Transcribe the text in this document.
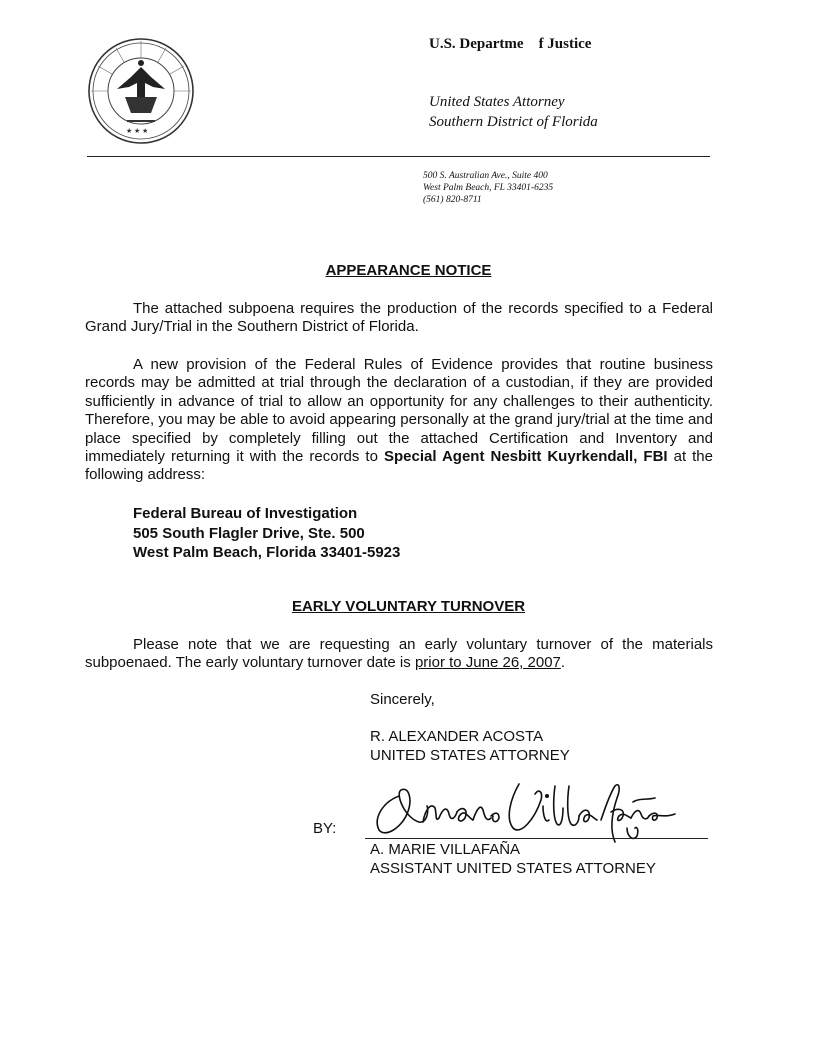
★ ★ ★
U.S. Departme    f Justice
United States Attorney
Southern District of Florida
500 S. Australian Ave., Suite 400
West Palm Beach, FL 33401-6235
(561) 820-8711
APPEARANCE NOTICE
The attached subpoena requires the production of the records specified to a Federal Grand Jury/Trial in the Southern District of Florida.
A new provision of the Federal Rules of Evidence provides that routine business records may be admitted at trial through the declaration of a custodian, if they are provided sufficiently in advance of trial to allow an opportunity for any challenges to their authenticity. Therefore, you may be able to avoid appearing personally at the grand jury/trial at the time and place specified by completely filling out the attached Certification and Inventory and immediately returning it with the records to Special Agent Nesbitt Kuyrkendall, FBI at the following address:
Federal Bureau of Investigation
505 South Flagler Drive, Ste. 500
West Palm Beach, Florida 33401-5923
EARLY VOLUNTARY TURNOVER
Please note that we are requesting an early voluntary turnover of the materials subpoenaed. The early voluntary turnover date is prior to June 26, 2007.
Sincerely,
R. ALEXANDER ACOSTA
UNITED STATES ATTORNEY
BY:
A. MARIE VILLAFAÑA
ASSISTANT UNITED STATES ATTORNEY
